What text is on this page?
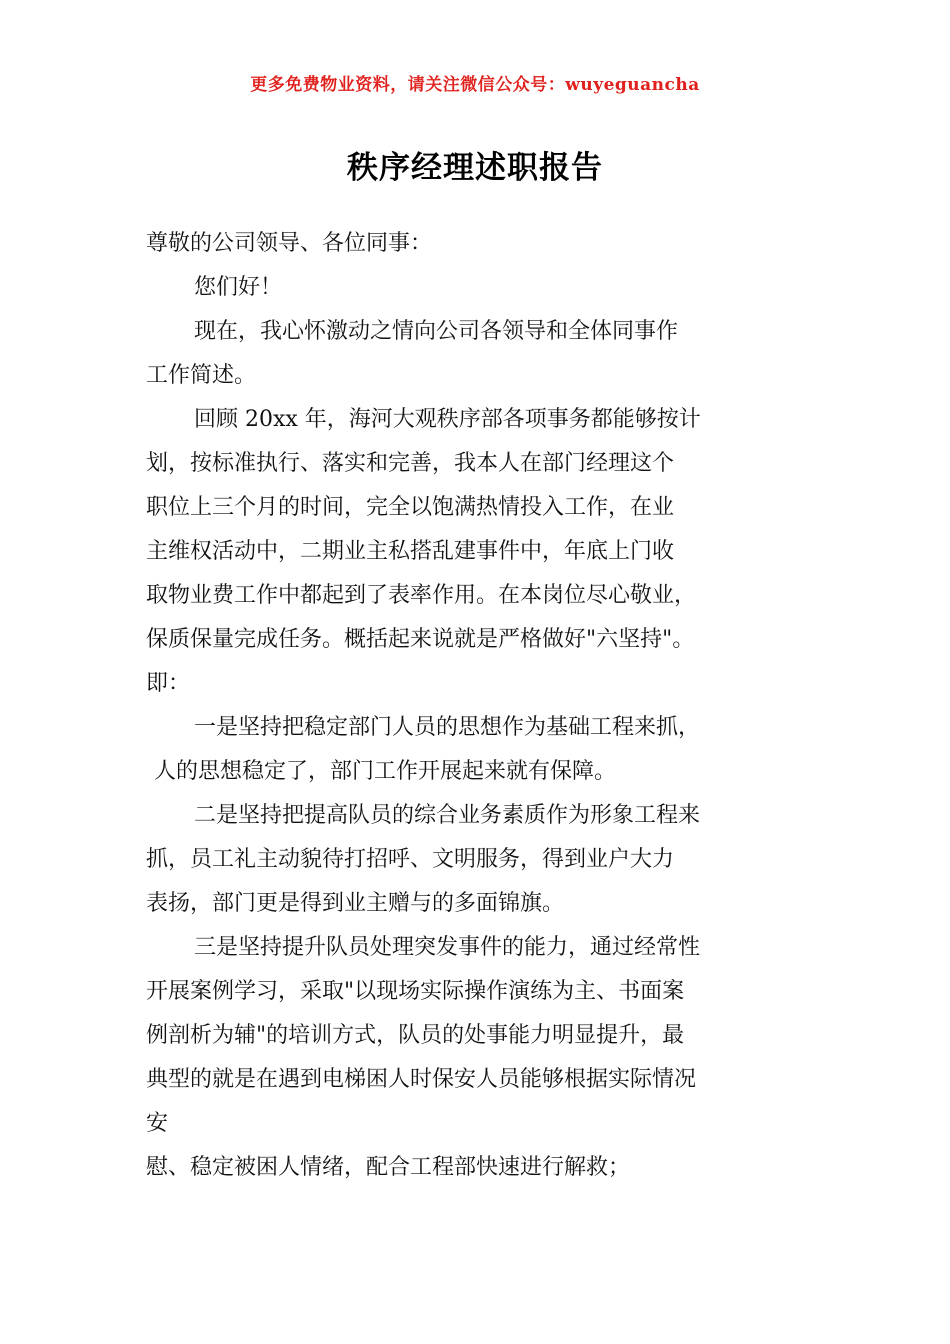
更多免费物业资料，请关注微信公众号：wuyeguancha
秩序经理述职报告
尊敬的公司领导、各位同事：
您们好！
现在，我心怀激动之情向公司各领导和全体同事作
工作简述。
回顾 20xx 年，海河大观秩序部各项事务都能够按计
划，按标准执行、落实和完善，我本人在部门经理这个
职位上三个月的时间，完全以饱满热情投入工作，在业
主维权活动中，二期业主私搭乱建事件中，年底上门收
取物业费工作中都起到了表率作用。在本岗位尽心敬业，
保质保量完成任务。概括起来说就是严格做好"六坚持"。
即：
一是坚持把稳定部门人员的思想作为基础工程来抓，
人的思想稳定了，部门工作开展起来就有保障。
二是坚持把提高队员的综合业务素质作为形象工程来
抓，员工礼主动貌待打招呼、文明服务，得到业户大力
表扬，部门更是得到业主赠与的多面锦旗。
三是坚持提升队员处理突发事件的能力，通过经常性
开展案例学习，采取"以现场实际操作演练为主、书面案
例剖析为辅"的培训方式，队员的处事能力明显提升，最
典型的就是在遇到电梯困人时保安人员能够根据实际情况
安
慰、稳定被困人情绪，配合工程部快速进行解救；
